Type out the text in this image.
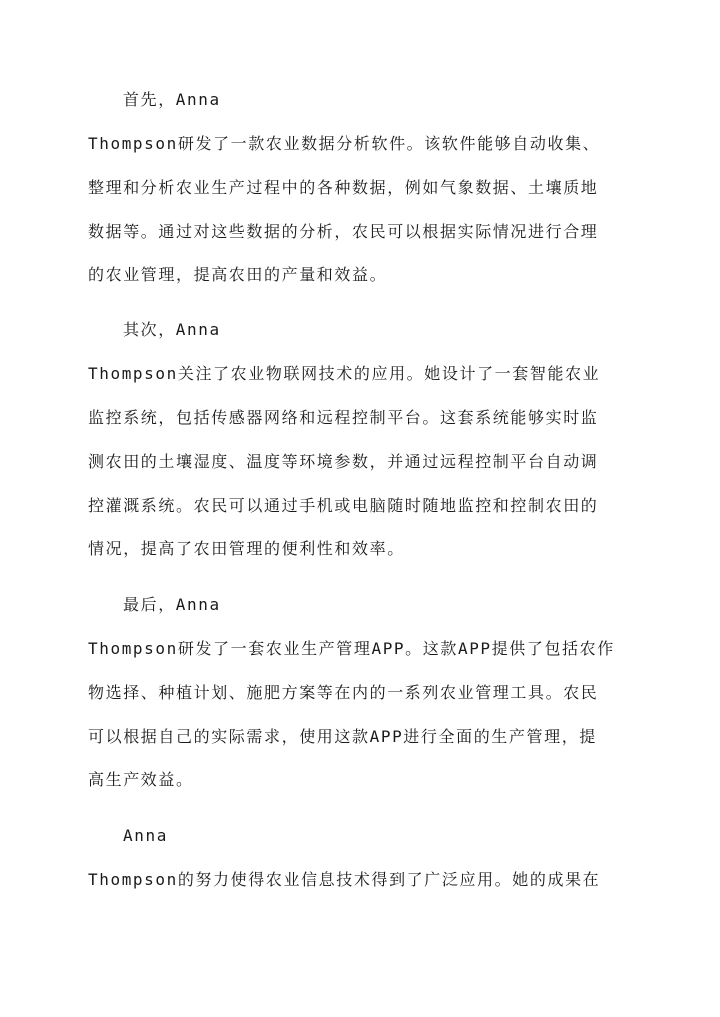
首先，Anna

Thompson研发了一款农业数据分析软件。该软件能够自动收集、

整理和分析农业生产过程中的各种数据，例如气象数据、土壤质地

数据等。通过对这些数据的分析，农民可以根据实际情况进行合理

的农业管理，提高农田的产量和效益。

其次，Anna

Thompson关注了农业物联网技术的应用。她设计了一套智能农业

监控系统，包括传感器网络和远程控制平台。这套系统能够实时监

测农田的土壤湿度、温度等环境参数，并通过远程控制平台自动调

控灌溉系统。农民可以通过手机或电脑随时随地监控和控制农田的

情况，提高了农田管理的便利性和效率。

最后，Anna

Thompson研发了一套农业生产管理APP。这款APP提供了包括农作

物选择、种植计划、施肥方案等在内的一系列农业管理工具。农民

可以根据自己的实际需求，使用这款APP进行全面的生产管理，提

高生产效益。

Anna

Thompson的努力使得农业信息技术得到了广泛应用。她的成果在
